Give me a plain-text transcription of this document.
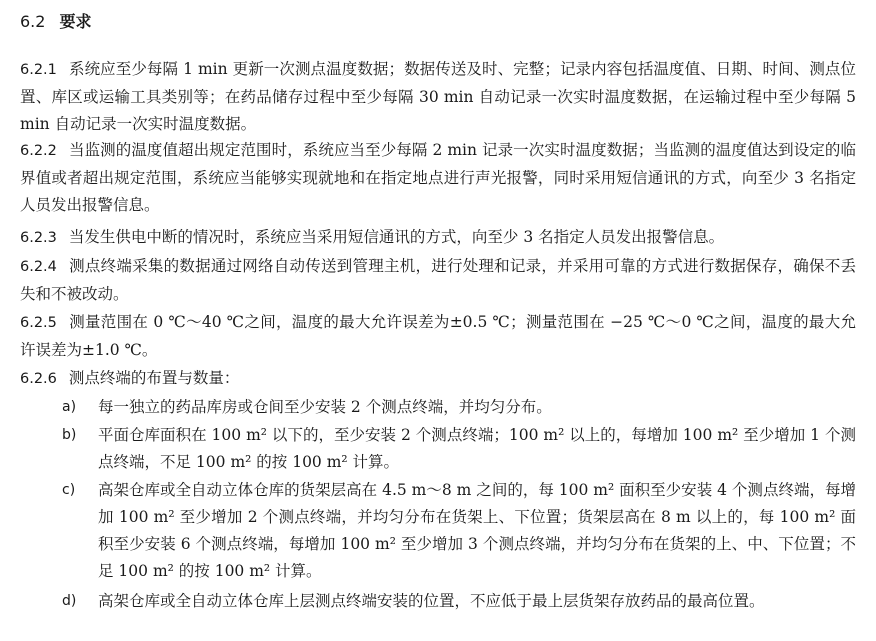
6.2 要求
6.2.1 系统应至少每隔 1 min 更新一次测点温度数据；数据传送及时、完整；记录内容包括温度值、日期、时间、测点位置、库区或运输工具类别等；在药品储存过程中至少每隔 30 min 自动记录一次实时温度数据，在运输过程中至少每隔 5 min 自动记录一次实时温度数据。
6.2.2 当监测的温度值超出规定范围时，系统应当至少每隔 2 min 记录一次实时温度数据；当监测的温度值达到设定的临界值或者超出规定范围，系统应当能够实现就地和在指定地点进行声光报警，同时采用短信通讯的方式，向至少 3 名指定人员发出报警信息。
6.2.3 当发生供电中断的情况时，系统应当采用短信通讯的方式，向至少 3 名指定人员发出报警信息。
6.2.4 测点终端采集的数据通过网络自动传送到管理主机，进行处理和记录，并采用可靠的方式进行数据保存，确保不丢失和不被改动。
6.2.5 测量范围在 0 ℃～40 ℃之间，温度的最大允许误差为±0.5 ℃；测量范围在 −25 ℃～0 ℃之间，温度的最大允许误差为±1.0 ℃。
6.2.6 测点终端的布置与数量：
a)	每一独立的药品库房或仓间至少安装 2 个测点终端，并均匀分布。
b)	平面仓库面积在 100 m² 以下的，至少安装 2 个测点终端；100 m² 以上的，每增加 100 m² 至少增加 1 个测点终端，不足 100 m² 的按 100 m² 计算。
c)	高架仓库或全自动立体仓库的货架层高在 4.5 m～8 m 之间的，每 100 m² 面积至少安装 4 个测点终端，每增加 100 m² 至少增加 2 个测点终端，并均匀分布在货架上、下位置；货架层高在 8 m 以上的，每 100 m² 面积至少安装 6 个测点终端，每增加 100 m² 至少增加 3 个测点终端，并均匀分布在货架的上、中、下位置；不足 100 m² 的按 100 m² 计算。
d)	高架仓库或全自动立体仓库上层测点终端安装的位置，不应低于最上层货架存放药品的最高位置。
